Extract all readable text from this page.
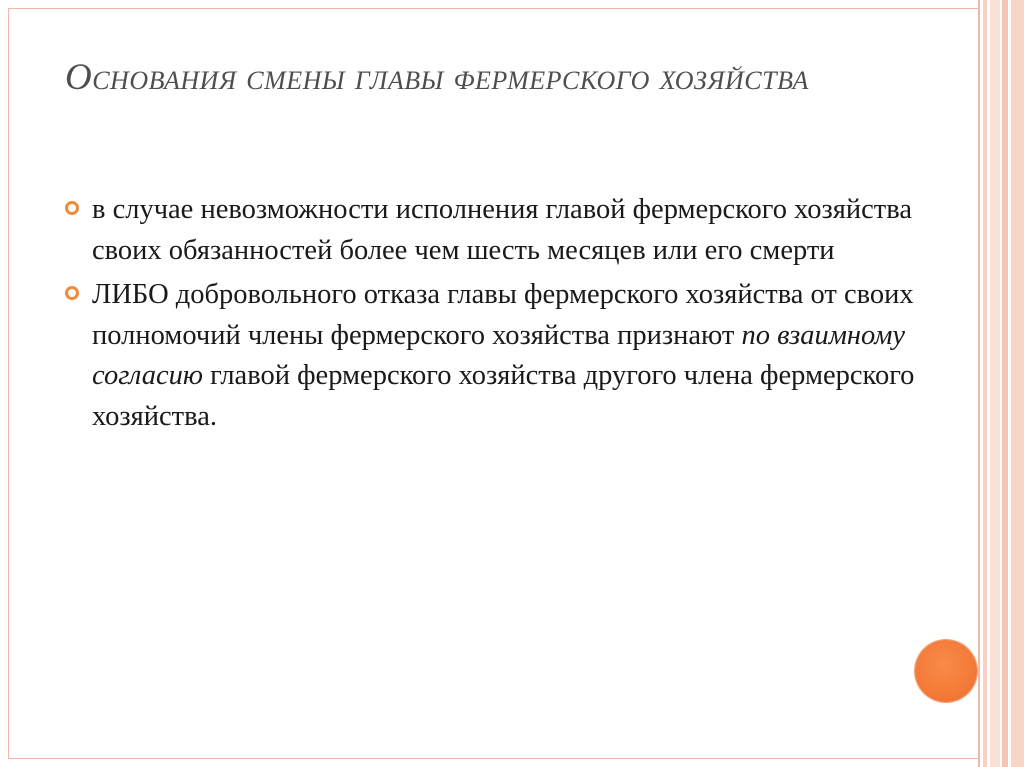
Основания смены главы фермерского хозяйства
в случае невозможности исполнения главой фермерского хозяйства своих обязанностей более чем шесть месяцев или его смерти
ЛИБО добровольного отказа главы фермерского хозяйства от своих полномочий члены фермерского хозяйства признают по взаимному согласию главой фермерского хозяйства другого члена фермерского хозяйства.
